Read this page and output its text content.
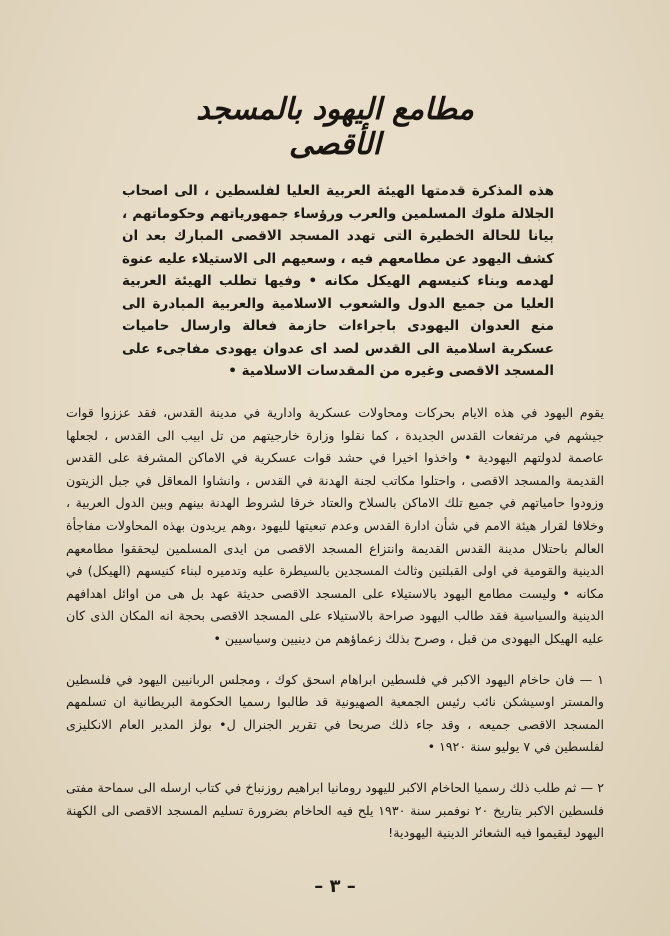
مطامع اليهود بالمسجد الأقصى

هذه المذكرة قدمتها الهيئة العربية العليا لفلسطين ، الى اصحاب الجلالة ملوك المسلمين والعرب ورؤساء جمهورياتهم وحكوماتهم ، بيانا للحالة الخطيرة التى تهدد المسجد الاقصى المبارك بعد ان كشف اليهود عن مطامعهم فيه ، وسعيهم الى الاستيلاء عليه عنوة لهدمه وبناء كنيسهم الهيكل مكانه • وفيها تطلب الهيئة العربية العليا من جميع الدول والشعوب الاسلامية والعربية المبادرة الى منع العدوان اليهودى باجراءات حازمة فعالة وارسال حاميات عسكرية اسلامية الى القدس لصد اى عدوان يهودى مفاجىء على المسجد الاقصى وغيره من المقدسات الاسلامية •

يقوم اليهود في هذه الايام بحركات ومحاولات عسكرية وادارية في مدينة القدس، فقد عززوا قوات جيشهم في مرتفعات القدس الجديدة ، كما نقلوا وزارة خارجيتهم من تل ابيب الى القدس ، لجعلها عاصمة لدولتهم اليهودية • واخذوا اخيرا في حشد قوات عسكرية في الاماكن المشرفة على القدس القديمة والمسجد الاقصى ، واحتلوا مكاتب لجنة الهدنة في القدس ، وانشاوا المعاقل في جبل الزيتون وزودوا حامياتهم في جميع تلك الاماكن بالسلاح والعتاد خرقا لشروط الهدنة بينهم وبين الدول العربية ، وخلافا لقرار هيئة الامم في شأن ادارة القدس وعدم تبعيتها لليهود ،وهم يريدون بهذه المحاولات مفاجأة العالم باحتلال مدينة القدس القديمة وانتزاع المسجد الاقصى من ايدى المسلمين ليحققوا مطامعهم الدينية والقومية في اولى القبلتين وثالث المسجدين بالسيطرة عليه وتدميره لبناء كنيسهم (الهيكل) في مكانه • وليست مطامع اليهود بالاستيلاء على المسجد الاقصى حديثة عهد بل هى من اوائل اهدافهم الدينية والسياسية فقد طالب اليهود صراحة بالاستيلاء على المسجد الاقصى بحجة انه المكان الذى كان عليه الهيكل اليهودى من قبل ، وصرح بذلك زعماؤهم من دينيين وسياسيين •

١ — فان حاخام اليهود الاكبر في فلسطين ابراهام اسحق كوك ، ومجلس الربانيين اليهود في فلسطين والمستر اوسيشكن نائب رئيس الجمعية الصهيونية قد طالبوا رسميا الحكومة البريطانية ان تسلمهم المسجد الاقصى جميعه ، وقد جاء ذلك صريحا في تقرير الجنرال ل• بولز المدير العام الانكليزى لفلسطين في ٧ يوليو سنة ١٩٢٠ •

٢ — ثم طلب ذلك رسميا الحاخام الاكبر لليهود رومانيا ابراهيم روزنباخ في كتاب ارسله الى سماحة مفتى فلسطين الاكبر بتاريخ ٢٠ نوفمبر سنة ١٩٣٠ يلح فيه الحاخام بضرورة تسليم المسجد الاقصى الى الكهنة اليهود ليقيموا فيه الشعائر الدينية اليهودية!

– ٣ –
